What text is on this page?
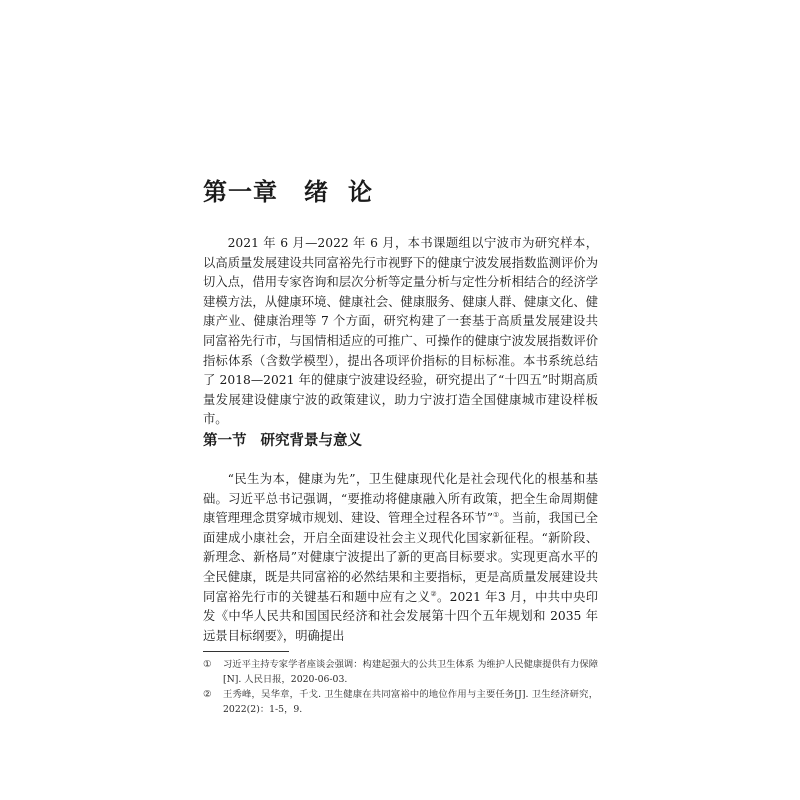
第一章 绪论

2021 年 6 月—2022 年 6 月，本书课题组以宁波市为研究样本，以高质量发展建设共同富裕先行市视野下的健康宁波发展指数监测评价为切入点，借用专家咨询和层次分析等定量分析与定性分析相结合的经济学建模方法，从健康环境、健康社会、健康服务、健康人群、健康文化、健康产业、健康治理等 7 个方面，研究构建了一套基于高质量发展建设共同富裕先行市，与国情相适应的可推广、可操作的健康宁波发展指数评价指标体系（含数学模型），提出各项评价指标的目标标准。本书系统总结了 2018—2021 年的健康宁波建设经验，研究提出了“十四五”时期高质量发展建设健康宁波的政策建议，助力宁波打造全国健康城市建设样板市。

第一节 研究背景与意义

“民生为本，健康为先”，卫生健康现代化是社会现代化的根基和基础。习近平总书记强调，“要推动将健康融入所有政策，把全生命周期健康管理理念贯穿城市规划、建设、管理全过程各环节”①。当前，我国已全面建成小康社会，开启全面建设社会主义现代化国家新征程。“新阶段、新理念、新格局”对健康宁波提出了新的更高目标要求。实现更高水平的全民健康，既是共同富裕的必然结果和主要指标，更是高质量发展建设共同富裕先行市的关键基石和题中应有之义②。2021 年3 月，中共中央印发《中华人民共和国国民经济和社会发展第十四个五年规划和 2035 年远景目标纲要》，明确提出

① 习近平主持专家学者座谈会强调：构建起强大的公共卫生体系 为维护人民健康提供有力保障[N]. 人民日报，2020-06-03.

② 王秀峰，吴华章，千戈. 卫生健康在共同富裕中的地位作用与主要任务[J]. 卫生经济研究，2022(2)：1-5，9.
